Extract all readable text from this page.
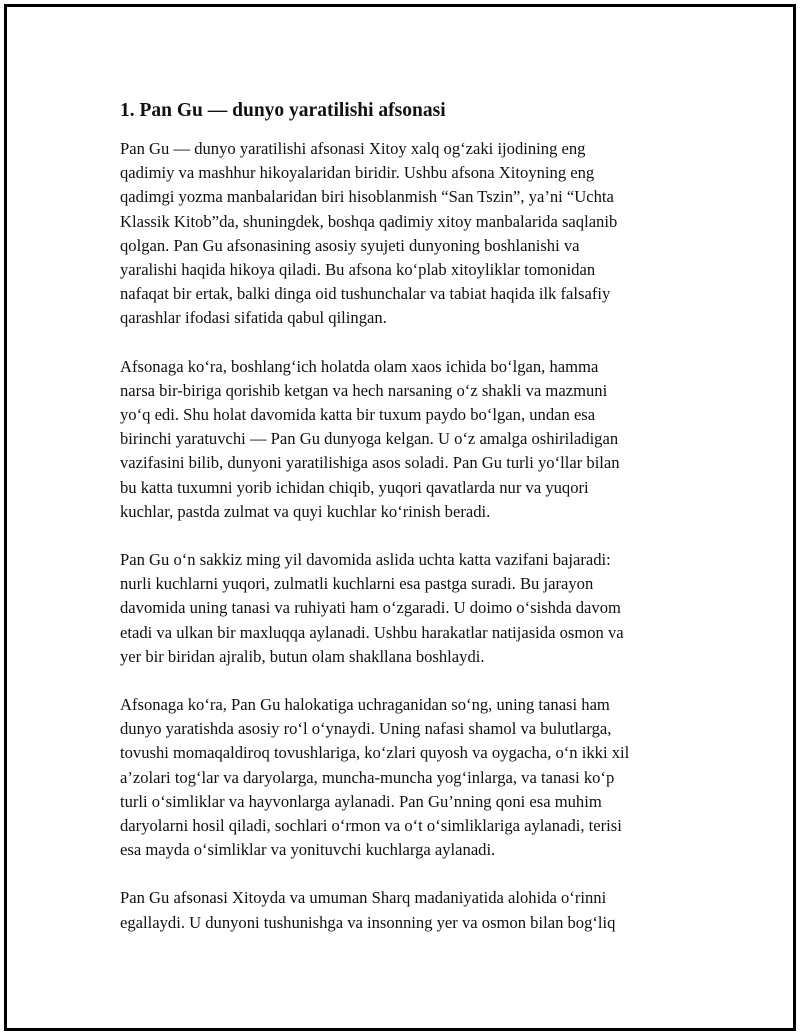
1. Pan Gu — dunyo yaratilishi afsonasi

Pan Gu — dunyo yaratilishi afsonasi Xitoy xalq og‘zaki ijodining eng
qadimiy va mashhur hikoyalaridan biridir. Ushbu afsona Xitoyning eng
qadimgi yozma manbalaridan biri hisoblanmish “San Tszin”, ya’ni “Uchta
Klassik Kitob”da, shuningdek, boshqa qadimiy xitoy manbalarida saqlanib
qolgan. Pan Gu afsonasining asosiy syujeti dunyoning boshlanishi va
yaralishi haqida hikoya qiladi. Bu afsona ko‘plab xitoyliklar tomonidan
nafaqat bir ertak, balki dinga oid tushunchalar va tabiat haqida ilk falsafiy
qarashlar ifodasi sifatida qabul qilingan.

Afsonaga ko‘ra, boshlang‘ich holatda olam xaos ichida bo‘lgan, hamma
narsa bir-biriga qorishib ketgan va hech narsaning o‘z shakli va mazmuni
yo‘q edi. Shu holat davomida katta bir tuxum paydo bo‘lgan, undan esa
birinchi yaratuvchi — Pan Gu dunyoga kelgan. U o‘z amalga oshiriladigan
vazifasini bilib, dunyoni yaratilishiga asos soladi. Pan Gu turli yo‘llar bilan
bu katta tuxumni yorib ichidan chiqib, yuqori qavatlarda nur va yuqori
kuchlar, pastda zulmat va quyi kuchlar ko‘rinish beradi.

Pan Gu o‘n sakkiz ming yil davomida aslida uchta katta vazifani bajaradi:
nurli kuchlarni yuqori, zulmatli kuchlarni esa pastga suradi. Bu jarayon
davomida uning tanasi va ruhiyati ham o‘zgaradi. U doimo o‘sishda davom
etadi va ulkan bir maxluqqa aylanadi. Ushbu harakatlar natijasida osmon va
yer bir biridan ajralib, butun olam shakllana boshlaydi.

Afsonaga ko‘ra, Pan Gu halokatiga uchraganidan so‘ng, uning tanasi ham
dunyo yaratishda asosiy ro‘l o‘ynaydi. Uning nafasi shamol va bulutlarga,
tovushi momaqaldiroq tovushlariga, ko‘zlari quyosh va oygacha, o‘n ikki xil
a’zolari tog‘lar va daryolarga, muncha-muncha yog‘inlarga, va tanasi ko‘p
turli o‘simliklar va hayvonlarga aylanadi. Pan Gu’nning qoni esa muhim
daryolarni hosil qiladi, sochlari o‘rmon va o‘t o‘simliklariga aylanadi, terisi
esa mayda o‘simliklar va yonituvchi kuchlarga aylanadi.

Pan Gu afsonasi Xitoyda va umuman Sharq madaniyatida alohida o‘rinni
egallaydi. U dunyoni tushunishga va insonning yer va osmon bilan bog‘liq
